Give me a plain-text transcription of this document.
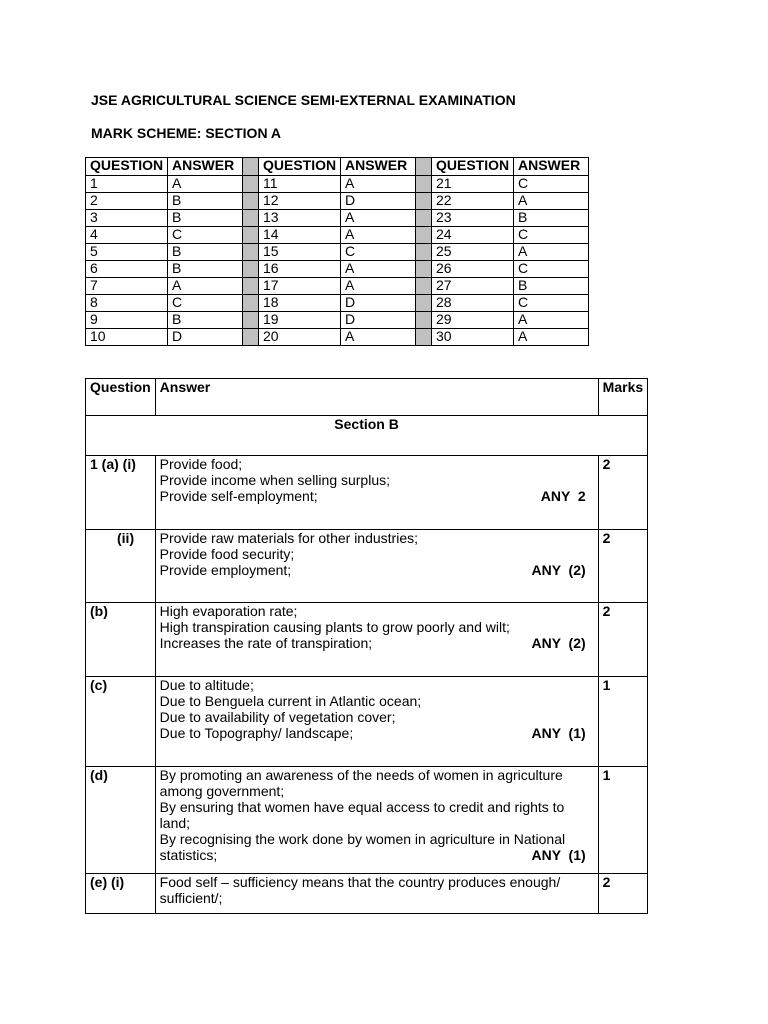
JSE AGRICULTURAL SCIENCE SEMI-EXTERNAL EXAMINATION
MARK SCHEME: SECTION A
QUESTION	ANSWER		QUESTION	ANSWER		QUESTION	ANSWER
1	A		11	A		21	C
2	B		12	D		22	A
3	B		13	A		23	B
4	C		14	A		24	C
5	B		15	C		25	A
6	B		16	A		26	C
7	A		17	A		27	B
8	C		18	D		28	C
9	B		19	D		29	A
10	D		20	A		30	A
Question	Answer	Marks
Section B		
1 (a) (i)	Provide food;
Provide income when selling surplus;
Provide self-employment; ANY  2	2
(ii)	Provide raw materials for other industries;
Provide food security;
Provide employment; ANY  (2)	2
(b)	High evaporation rate;
High transpiration causing plants to grow poorly and wilt;
Increases the rate of transpiration; ANY  (2)	2
(c)	Due to altitude;
Due to Benguela current in Atlantic ocean;
Due to availability of vegetation cover;
Due to Topography/ landscape; ANY  (1)	1
(d)	By promoting an awareness of the needs of women in agriculture among government;
By ensuring that women have equal access to credit and rights to land;
By recognising the work done by women in agriculture in National
statistics; ANY  (1)	1
(e) (i)	Food self – sufficiency means that the country produces enough/ sufficient/;	2
